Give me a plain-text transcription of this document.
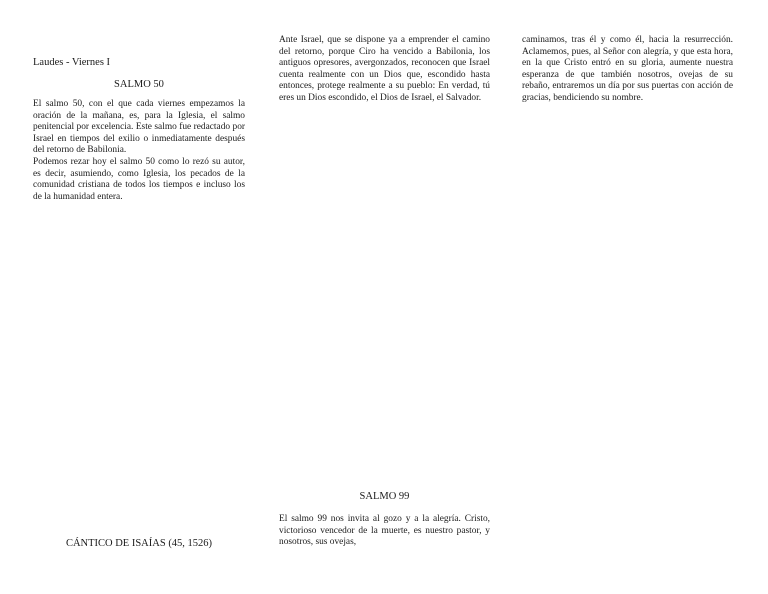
Laudes - Viernes I

SALMO 50

El salmo 50, con el que cada viernes empezamos la oración de la mañana, es, para la Iglesia, el salmo penitencial por excelencia. Este salmo fue redactado por Israel en tiempos del exilio o inmediatamente después del retorno de Babilonia.

Podemos rezar hoy el salmo 50 como lo rezó su autor, es decir, asumiendo, como Iglesia, los pecados de la comunidad cristiana de todos los tiempos e incluso los de la humanidad entera.

Ante Israel, que se dispone ya a emprender el camino del retorno, porque Ciro ha vencido a Babilonia, los antiguos opresores, avergonzados, reconocen que Israel cuenta realmente con un Dios que, escondido hasta entonces, protege realmente a su pueblo: En verdad, tú eres un Dios escondido, el Dios de Israel, el Salvador.

caminamos, tras él y como él, hacia la resurrección. Aclamemos, pues, al Señor con alegría, y que esta hora, en la que Cristo entró en su gloria, aumente nuestra esperanza de que también nosotros, ovejas de su rebaño, entraremos un día por sus puertas con acción de gracias, bendiciendo su nombre.

SALMO 99

El salmo 99 nos invita al gozo y a la alegría. Cristo, victorioso vencedor de la muerte, es nuestro pastor, y nosotros, sus ovejas,

CÁNTICO DE ISAÍAS (45, 1526)
